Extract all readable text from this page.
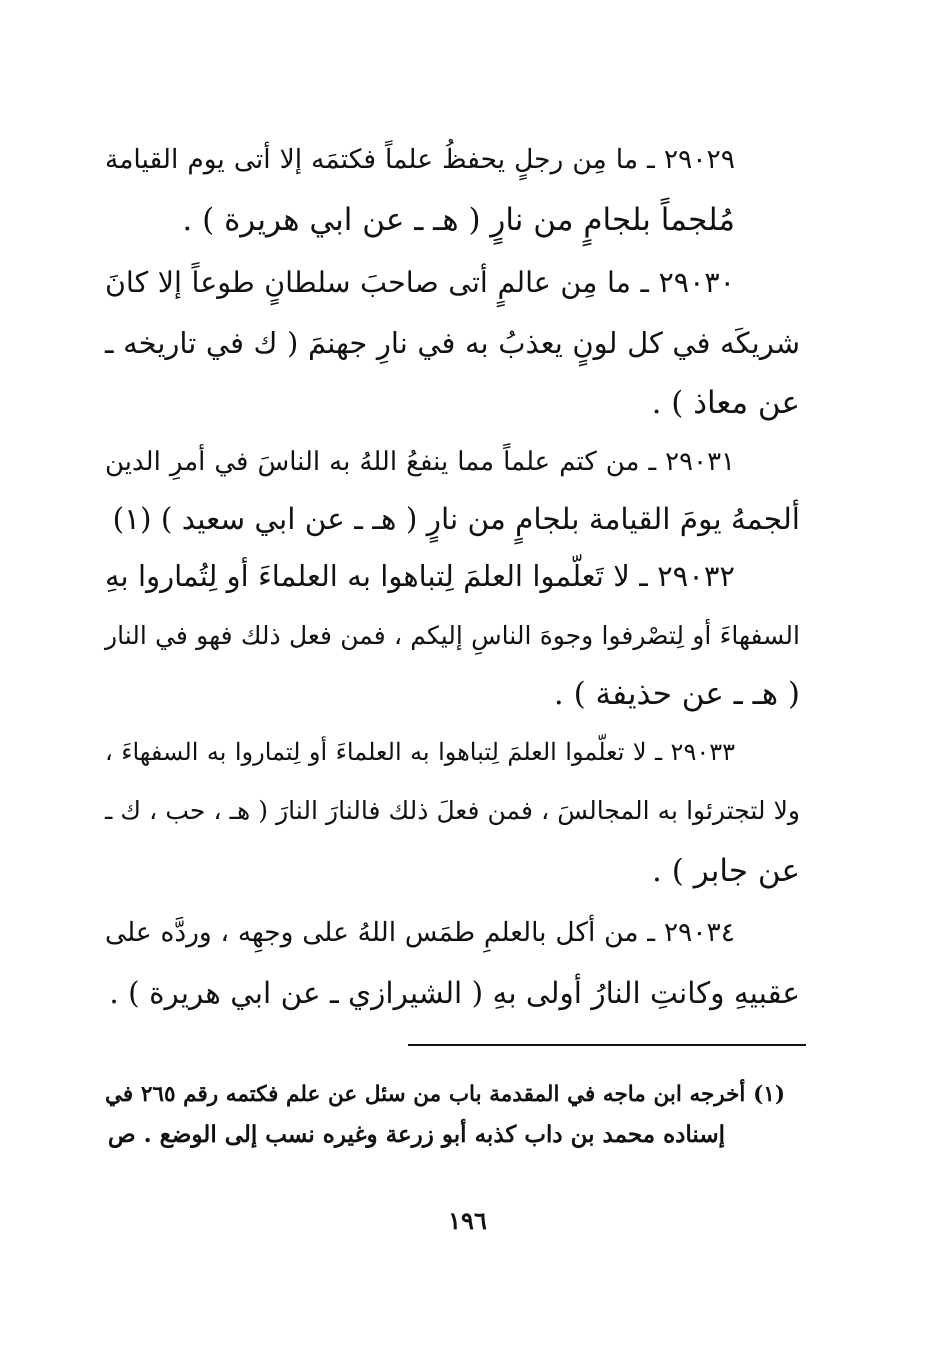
٢٩٠٢٩ ـ ما مِن رجلٍ يحفظُ علماً فكتمَه إلا أتى يوم القيامة
مُلجماً بلجامٍ من نارٍ ( هـ ـ عن ابي هريرة ) .
٢٩٠٣٠ ـ ما مِن عالمٍ أتى صاحبَ سلطانٍ طوعاً إلا كانَ
شريكَه في كل لونٍ يعذبُ به في نارِ جهنمَ ( ك في تاريخه ـ
عن معاذ ) .
٢٩٠٣١ ـ من كتم علماً مما ينفعُ اللهُ به الناسَ في أمرِ الدين
ألجمهُ يومَ القيامة بلجامٍ من نارٍ ( هـ ـ عن ابي سعيد ) (١)
٢٩٠٣٢ ـ لا تَعلّموا العلمَ لِتباهوا به العلماءَ أو لِتُماروا بهِ
السفهاءَ أو لِتصْرفوا وجوهَ الناسِ إليكم ، فمن فعل ذلك فهو في النار
( هـ ـ عن حذيفة ) .
٢٩٠٣٣ ـ لا تعلّموا العلمَ لِتباهوا به العلماءَ أو لِتماروا به السفهاءَ ،
ولا لتجترئوا به المجالسَ ، فمن فعلَ ذلك فالنارَ النارَ ( هـ ، حب ، ك ـ
عن جابر ) .
٢٩٠٣٤ ـ من أكل بالعلمِ طمَس اللهُ على وجهِه ، وردَّه على
عقبيهِ وكانتِ النارُ أولى بهِ ( الشيرازي ـ عن ابي هريرة ) .
(١) أخرجه ابن ماجه في المقدمة باب من سئل عن علم فكتمه رقم ٢٦٥ في
إسناده محمد بن داب كذبه أبو زرعة وغيره نسب إلى الوضع . ص
١٩٦
